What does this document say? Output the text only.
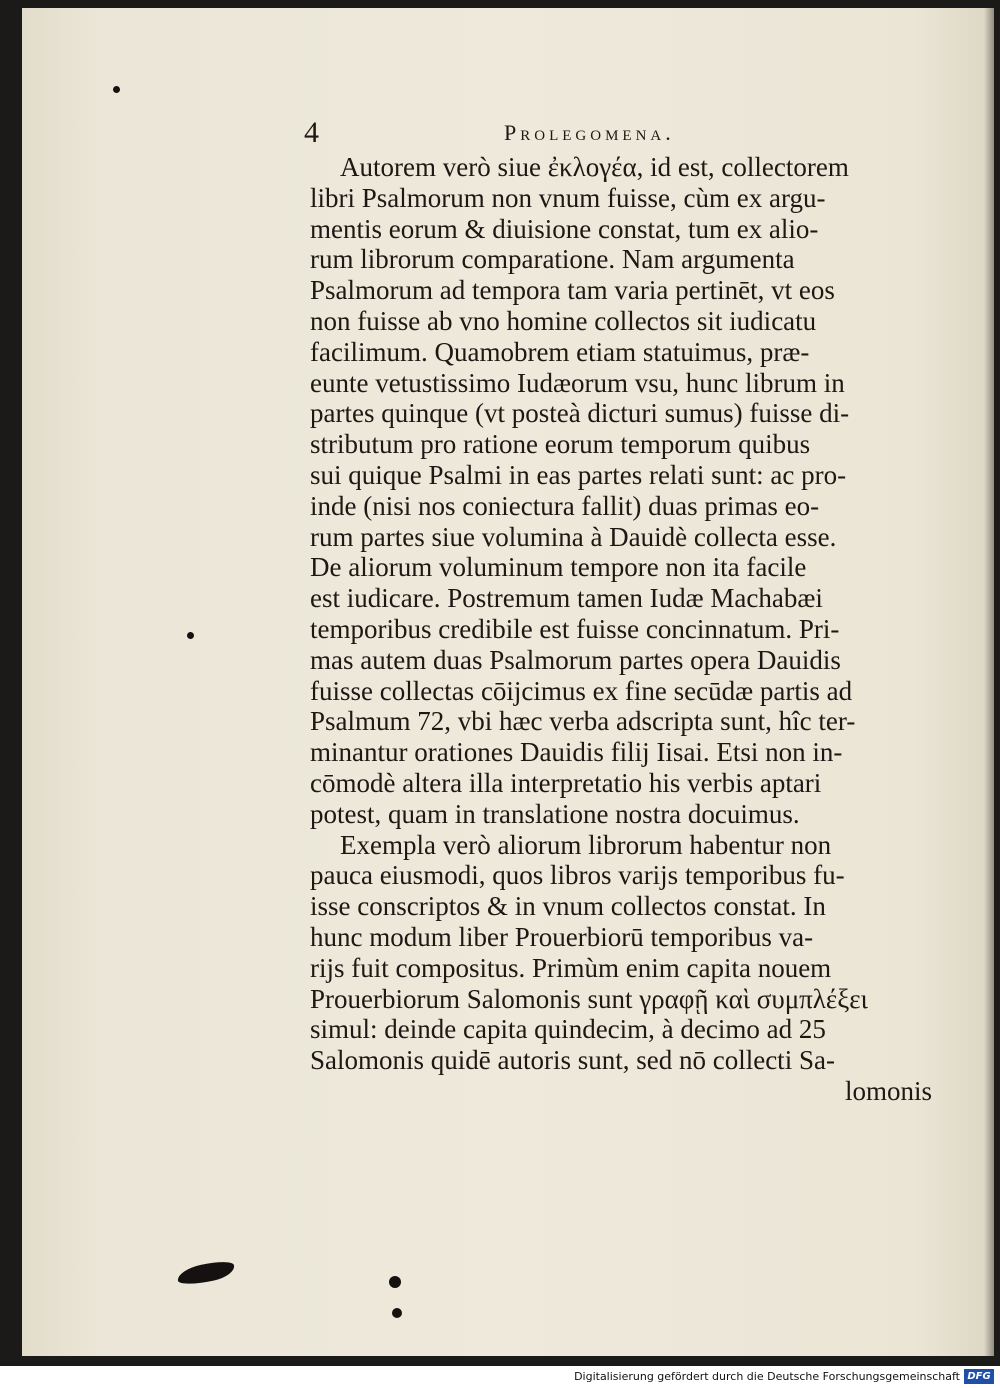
4	Prolegomena.
Autorem verò siue ἐκλογέα, id est, collectorem
libri Psalmorum non vnum fuisse, cùm ex argu-
mentis eorum & diuisione constat, tum ex alio-
rum librorum comparatione. Nam argumenta
Psalmorum ad tempora tam varia pertinēt, vt eos
non fuisse ab vno homine collectos sit iudicatu
facilimum. Quamobrem etiam statuimus, præ-
eunte vetustissimo Iudæorum vsu, hunc librum in
partes quinque (vt posteà dicturi sumus) fuisse di-
stributum pro ratione eorum temporum quibus
sui quique Psalmi in eas partes relati sunt: ac pro-
inde (nisi nos coniectura fallit) duas primas eo-
rum partes siue volumina à Dauidè collecta esse.
De aliorum voluminum tempore non ita facile
est iudicare. Postremum tamen Iudæ Machabæi
temporibus credibile est fuisse concinnatum. Pri-
mas autem duas Psalmorum partes opera Dauidis
fuisse collectas cōijcimus ex fine secūdæ partis ad
Psalmum 72, vbi hæc verba adscripta sunt, hîc ter-
minantur orationes Dauidis filij Iisai. Etsi non in-
cōmodè altera illa interpretatio his verbis aptari
potest, quam in translatione nostra docuimus.
Exempla verò aliorum librorum habentur non
pauca eiusmodi, quos libros varijs temporibus fu-
isse conscriptos & in vnum collectos constat. In
hunc modum liber Prouerbiorū temporibus va-
rijs fuit compositus. Primùm enim capita nouem
Prouerbiorum Salomonis sunt γραφῇ καὶ συμπλέξει
simul: deinde capita quindecim, à decimo ad 25
Salomonis quidē autoris sunt, sed nō collecti Sa-
lomonis
Digitalisierung gefördert durch die Deutsche Forschungsgemeinschaft DFG
